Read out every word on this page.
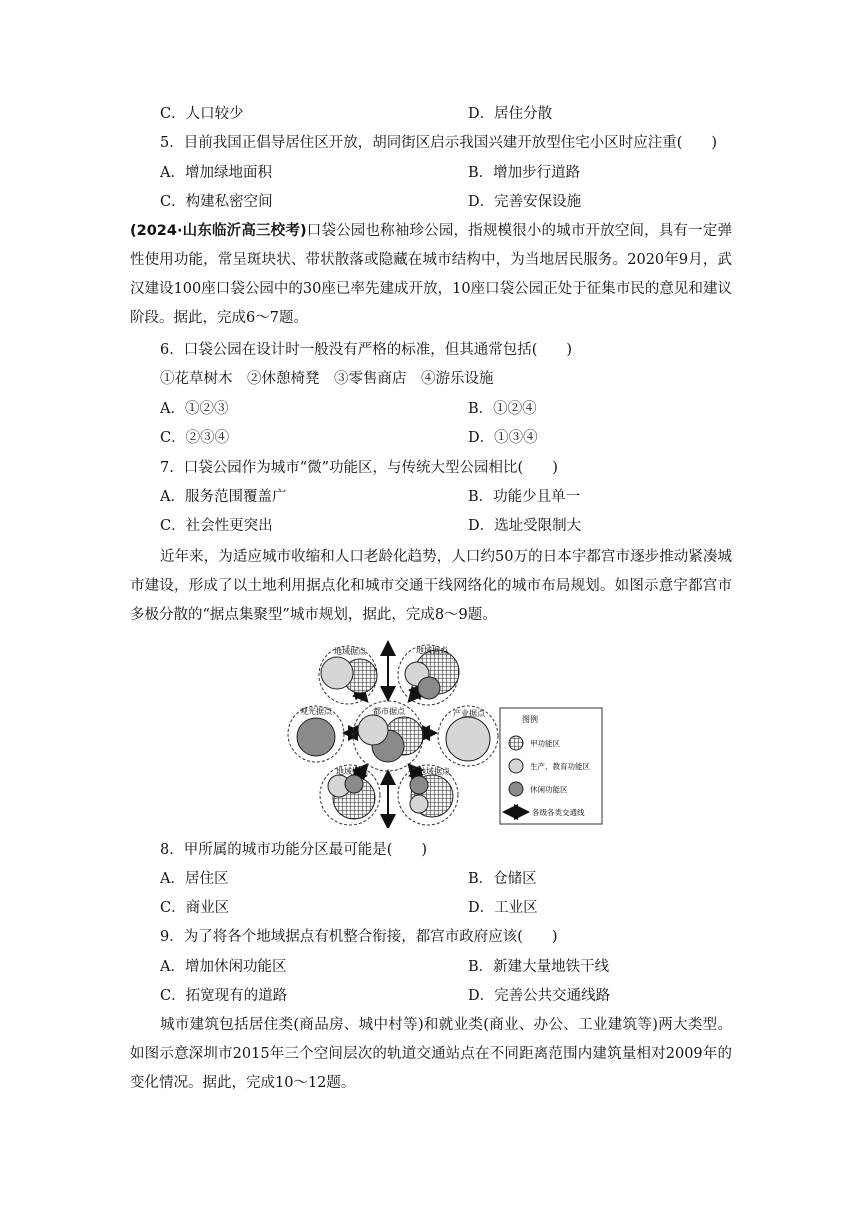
C．人口较少	D．居住分散
5．目前我国正倡导居住区开放，胡同街区启示我国兴建开放型住宅小区时应注重(　　)
A．增加绿地面积	B．增加步行道路
C．构建私密空间	D．完善安保设施
(2024·山东临沂高三校考)口袋公园也称袖珍公园，指规模很小的城市开放空间，具有一定弹性使用功能，常呈斑块状、带状散落或隐藏在城市结构中，为当地居民服务。2020年9月，武汉建设100座口袋公园中的30座已率先建成开放，10座口袋公园正处于征集市民的意见和建议阶段。据此，完成6～7题。
6．口袋公园在设计时一般没有严格的标准，但其通常包括(　　)
①花草树木　②休憩椅凳　③零售商店　④游乐设施
A．①②③	B．①②④
C．②③④	D．①③④
7．口袋公园作为城市“微”功能区，与传统大型公园相比(　　)
A．服务范围覆盖广	B．功能少且单一
C．社会性更突出	D．选址受限制大
近年来，为适应城市收缩和人口老龄化趋势，人口约50万的日本宇都宫市逐步推动紧凑城市建设，形成了以土地利用据点化和城市交通干线网络化的城市布局规划。如图示意宇都宫市多极分散的“据点集聚型”城市规划，据此，完成8～9题。
地域据点	地域据点
观光据点	都市据点	产业据点
地域据点	地域据点
图例
甲功能区
生产、教育功能区
休闲功能区
各级各类交通线
8．甲所属的城市功能分区最可能是(　　)
A．居住区	B．仓储区
C．商业区	D．工业区
9．为了将各个地域据点有机整合衔接，都宫市政府应该(　　)
A．增加休闲功能区	B．新建大量地铁干线
C．拓宽现有的道路	D．完善公共交通线路
城市建筑包括居住类(商品房、城中村等)和就业类(商业、办公、工业建筑等)两大类型。如图示意深圳市2015年三个空间层次的轨道交通站点在不同距离范围内建筑量相对2009年的变化情况。据此，完成10～12题。
